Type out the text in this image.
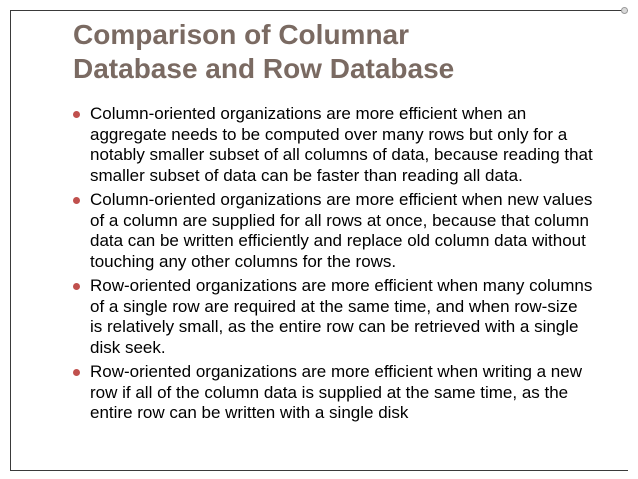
Comparison of Columnar
Database and Row Database
Column-oriented organizations are more efficient when an aggregate needs to be computed over many rows but only for a notably smaller subset of all columns of data, because reading that smaller subset of data can be faster than reading all data.
Column-oriented organizations are more efficient when new values of a column are supplied for all rows at once, because that column data can be written efficiently and replace old column data without touching any other columns for the rows.
Row-oriented organizations are more efficient when many columns of a single row are required at the same time, and when row-size is relatively small, as the entire row can be retrieved with a single disk seek.
Row-oriented organizations are more efficient when writing a new row if all of the column data is supplied at the same time, as the entire row can be written with a single disk
